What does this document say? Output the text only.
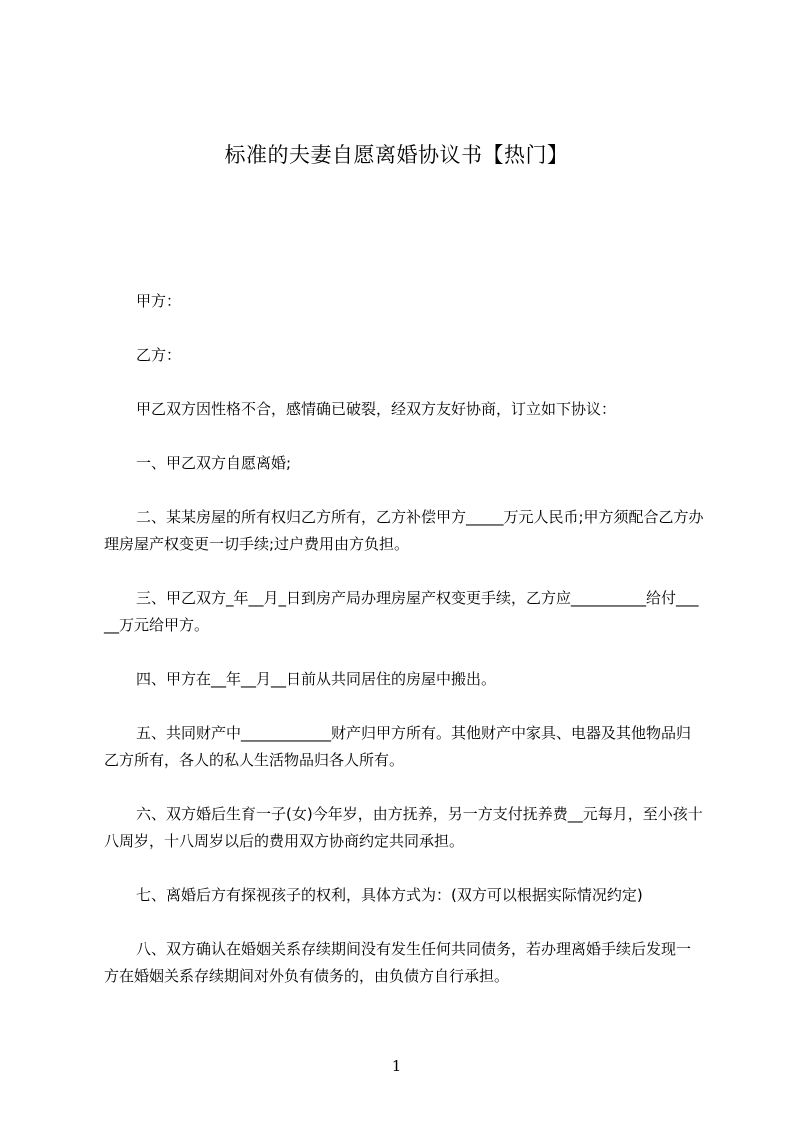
标准的夫妻自愿离婚协议书【热门】

甲方：

乙方：

甲乙双方因性格不合，感情确已破裂，经双方友好协商，订立如下协议：

一、甲乙双方自愿离婚;

二、某某房屋的所有权归乙方所有，乙方补偿甲方_____万元人民币;甲方须配合乙方办理房屋产权变更一切手续;过户费用由方负担。

三、甲乙双方_年__月_日到房产局办理房屋产权变更手续，乙方应__________给付_____万元给甲方。

四、甲方在__年__月__日前从共同居住的房屋中搬出。

五、共同财产中____________财产归甲方所有。其他财产中家具、电器及其他物品归乙方所有，各人的私人生活物品归各人所有。

六、双方婚后生育一子(女)今年岁，由方抚养，另一方支付抚养费__元每月，至小孩十八周岁，十八周岁以后的费用双方协商约定共同承担。

七、离婚后方有探视孩子的权利，具体方式为：(双方可以根据实际情况约定)

八、双方确认在婚姻关系存续期间没有发生任何共同债务，若办理离婚手续后发现一方在婚姻关系存续期间对外负有债务的，由负债方自行承担。

1
